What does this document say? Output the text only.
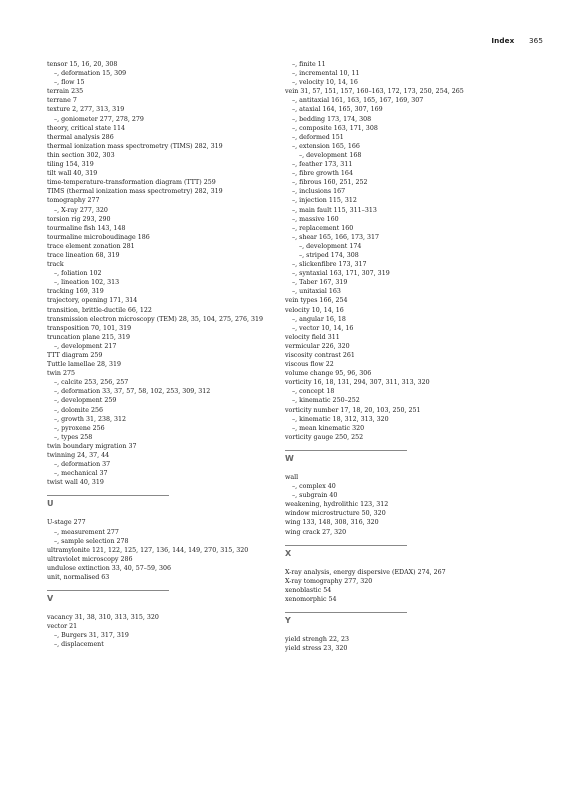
Index 365
tensor 15, 16, 20, 308
–, deformation 15, 309
–, flow 15
terrain 235
terrane 7
texture 2, 277, 313, 319
–, goniometer 277, 278, 279
theory, critical state 114
thermal analysis 286
thermal ionization mass spectrometry (TIMS) 282, 319
thin section 302, 303
tiling 154, 319
tilt wall 40, 319
time-temperature-transformation diagram (TTT) 259
TIMS (thermal ionization mass spectrometry) 282, 319
tomography 277
–, X-ray 277, 320
torsion rig 293, 290
tourmaline fish 143, 148
tourmaline microboudinage 186
trace element zonation 281
trace lineation 68, 319
track
–, foliation 102
–, lineation 102, 313
tracking 169, 319
trajectory, opening 171, 314
transition, brittle-ductile 66, 122
transmission electron microscopy (TEM) 28, 35, 104, 275, 276, 319
transposition 70, 101, 319
truncation plane 215, 319
–, development 217
TTT diagram 259
Tuttle lamellae 28, 319
twin 275
–, calcite 253, 256, 257
–, deformation 33, 37, 57, 58, 102, 253, 309, 312
–, development 259
–, dolomite 256
–, growth 31, 238, 312
–, pyroxene 256
–, types 258
twin boundary migration 37
twinning 24, 37, 44
–, deformation 37
–, mechanical 37
twist wall 40, 319
U
U-stage 277
–, measurement 277
–, sample selection 278
ultramylonite 121, 122, 125, 127, 136, 144, 149, 270, 315, 320
ultraviolet microscopy 286
undulose extinction 33, 40, 57–59, 306
unit, normalised 63
V
vacancy 31, 38, 310, 313, 315, 320
vector 21
–, Burgers 31, 317, 319
–, displacement
–, finite 11
–, incremental 10, 11
–, velocity 10, 14, 16
vein 31, 57, 151, 157, 160–163, 172, 173, 250, 254, 265
–, antitaxial 161, 163, 165, 167, 169, 307
–, ataxial 164, 165, 307, 169
–, bedding 173, 174, 308
–, composite 163, 171, 308
–, deformed 151
–, extension 165, 166
–, development 168
–, feather 173, 311
–, fibre growth 164
–, fibrous 160, 251, 252
–, inclusions 167
–, injection 115, 312
–, main fault 115, 311–313
–, massive 160
–, replacement 160
–, shear 165, 166, 173, 317
–, development 174
–, striped 174, 308
–, slickenfibre 173, 317
–, syntaxial 163, 171, 307, 319
–, Taber 167, 319
–, unitaxial 163
vein types 166, 254
velocity 10, 14, 16
–, angular 16, 18
–, vector 10, 14, 16
velocity field 311
vermicular 226, 320
viscosity contrast 261
viscous flow 22
volume change 95, 96, 306
vorticity 16, 18, 131, 294, 307, 311, 313, 320
–, concept 18
–, kinematic 250–252
vorticity number 17, 18, 20, 103, 250, 251
–, kinematic 18, 312, 313, 320
–, mean kinematic 320
vorticity gauge 250, 252
W
wall
–, complex 40
–, subgrain 40
weakening, hydrolithic 123, 312
window microstructure 50, 320
wing 133, 148, 308, 316, 320
wing crack 27, 320
X
X-ray analysis, energy dispersive (EDAX) 274, 267
X-ray tomography 277, 320
xenoblastic 54
xenomorphic 54
Y
yield strengh 22, 23
yield stress 23, 320
